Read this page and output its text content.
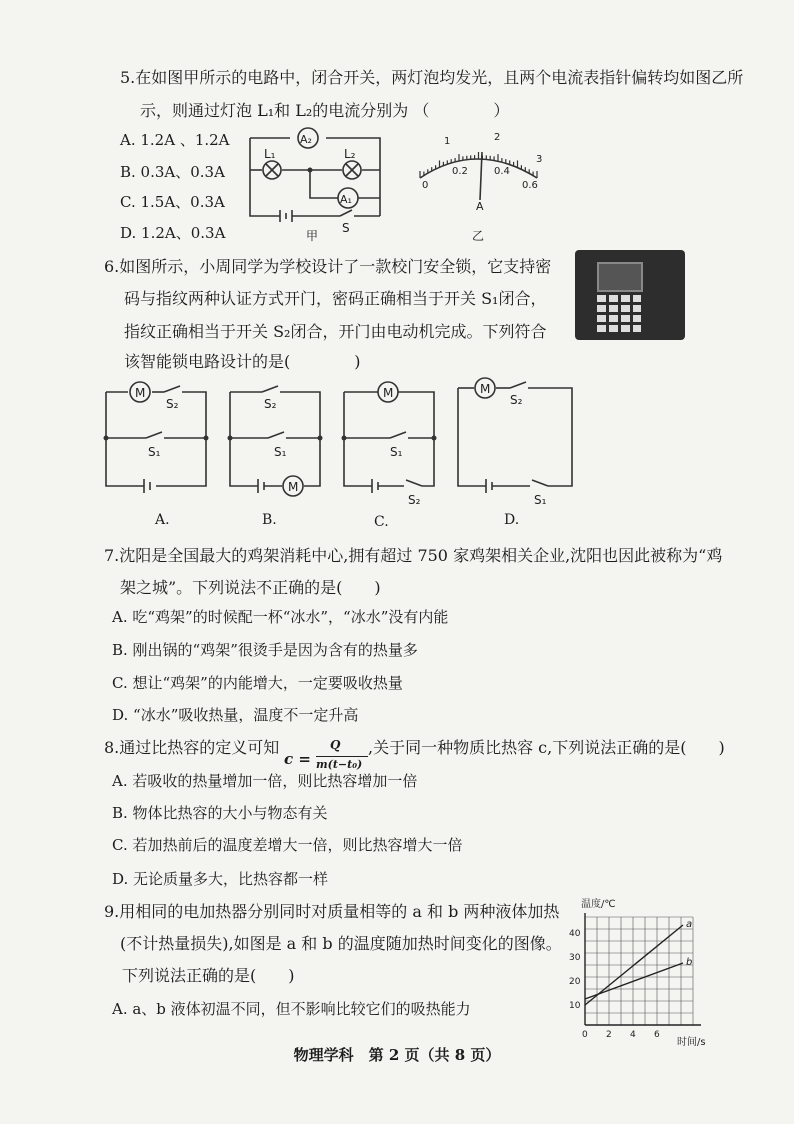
5.在如图甲所示的电路中，闭合开关，两灯泡均发光，且两个电流表指针偏转均如图乙所
示，则通过灯泡 L₁和 L₂的电流分别为 （　　　　）
A. 1.2A 、1.2A
B. 0.3A、0.3A
C. 1.5A、0.3A
D. 1.2A、0.3A
A₂
A₁
L₁	L₂
S
甲
0
0.2	0.4
0.6
1	2
3
A
乙
6.如图所示，小周同学为学校设计了一款校门安全锁，它支持密
码与指纹两种认证方式开门，密码正确相当于开关 S₁闭合，
指纹正确相当于开关 S₂闭合，开门由电动机完成。下列符合
该智能锁电路设计的是(　　　　)
M
S₂
S₁
S₂
S₁
M
M
S₁
S₂
M
S₂
S₁
A.	B.	C.	D.
7.沈阳是全国最大的鸡架消耗中心,拥有超过 750 家鸡架相关企业,沈阳也因此被称为“鸡
架之城”。下列说法不正确的是(　　)
A. 吃“鸡架”的时候配一杯“冰水”，“冰水”没有内能
B. 刚出锅的“鸡架”很烫手是因为含有的热量多
C. 想让“鸡架”的内能增大，一定要吸收热量
D. “冰水”吸收热量，温度不一定升高
8.通过比热容的定义可知
c =
Q
m(t−t₀)
,关于同一种物质比热容 c,下列说法正确的是(　　)
A. 若吸收的热量增加一倍，则比热容增加一倍
B. 物体比热容的大小与物态有关
C. 若加热前后的温度差增大一倍，则比热容增大一倍
D. 无论质量多大，比热容都一样
9.用相同的电加热器分别同时对质量相等的 a 和 b 两种液体加热
(不计热量损失),如图是 a 和 b 的温度随加热时间变化的图像。
下列说法正确的是(　　)
A. a、b 液体初温不同，但不影响比较它们的吸热能力
温度/℃
时间/s
10
20
30
40
0 2 4 6
a
b
物理学科　第 2 页（共 8 页）
